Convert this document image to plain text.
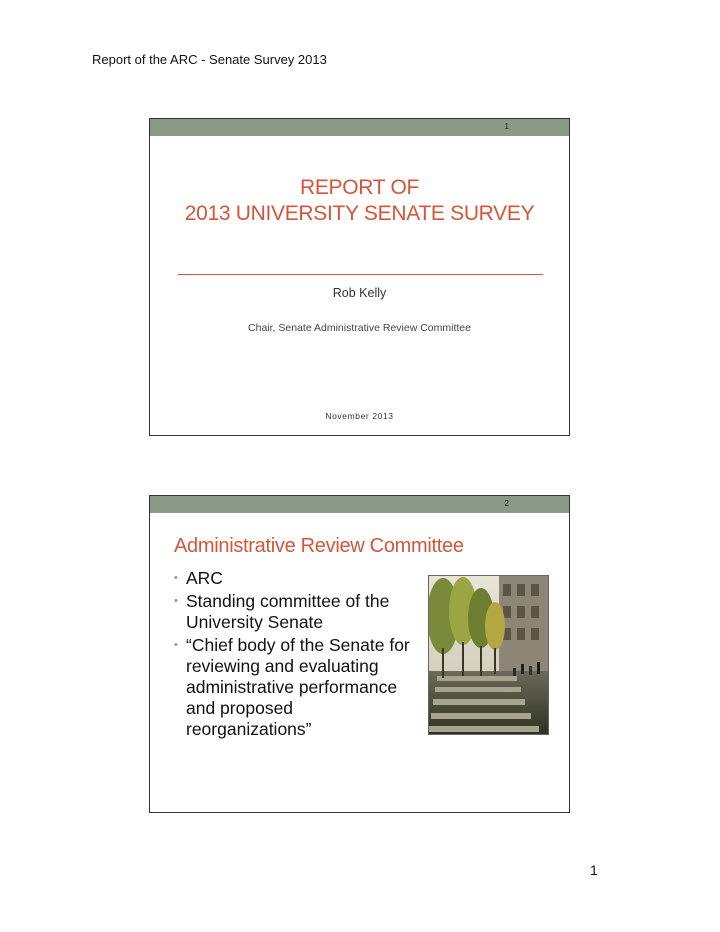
Report of the ARC - Senate Survey 2013
1
REPORT OF
2013 UNIVERSITY SENATE SURVEY
Rob Kelly
Chair, Senate Administrative Review Committee
November 2013
2
Administrative Review Committee
• ARC
• Standing committee of the University Senate
• “Chief body of the Senate for reviewing and evaluating administrative performance and proposed reorganizations”
1
